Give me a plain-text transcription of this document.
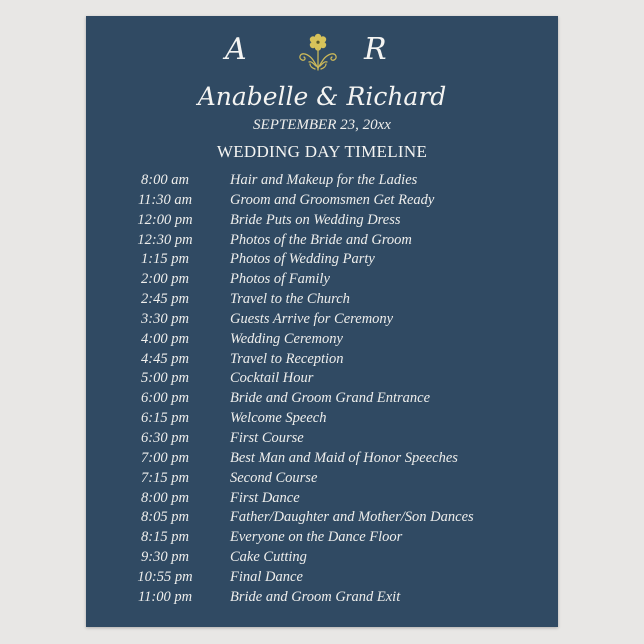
A	R
Anabelle & Richard
SEPTEMBER 23, 20xx
WEDDING DAY TIMELINE
8:00 am	Hair and Makeup for the Ladies
11:30 am	Groom and Groomsmen Get Ready
12:00 pm	Bride Puts on Wedding Dress
12:30 pm	Photos of the Bride and Groom
1:15 pm	Photos of Wedding Party
2:00 pm	Photos of Family
2:45 pm	Travel to the Church
3:30 pm	Guests Arrive for Ceremony
4:00 pm	Wedding Ceremony
4:45 pm	Travel to Reception
5:00 pm	Cocktail Hour
6:00 pm	Bride and Groom Grand Entrance
6:15 pm	Welcome Speech
6:30 pm	First Course
7:00 pm	Best Man and Maid of Honor Speeches
7:15 pm	Second Course
8:00 pm	First Dance
8:05 pm	Father/Daughter and Mother/Son Dances
8:15 pm	Everyone on the Dance Floor
9:30 pm	Cake Cutting
10:55 pm	Final Dance
11:00 pm	Bride and Groom Grand Exit
